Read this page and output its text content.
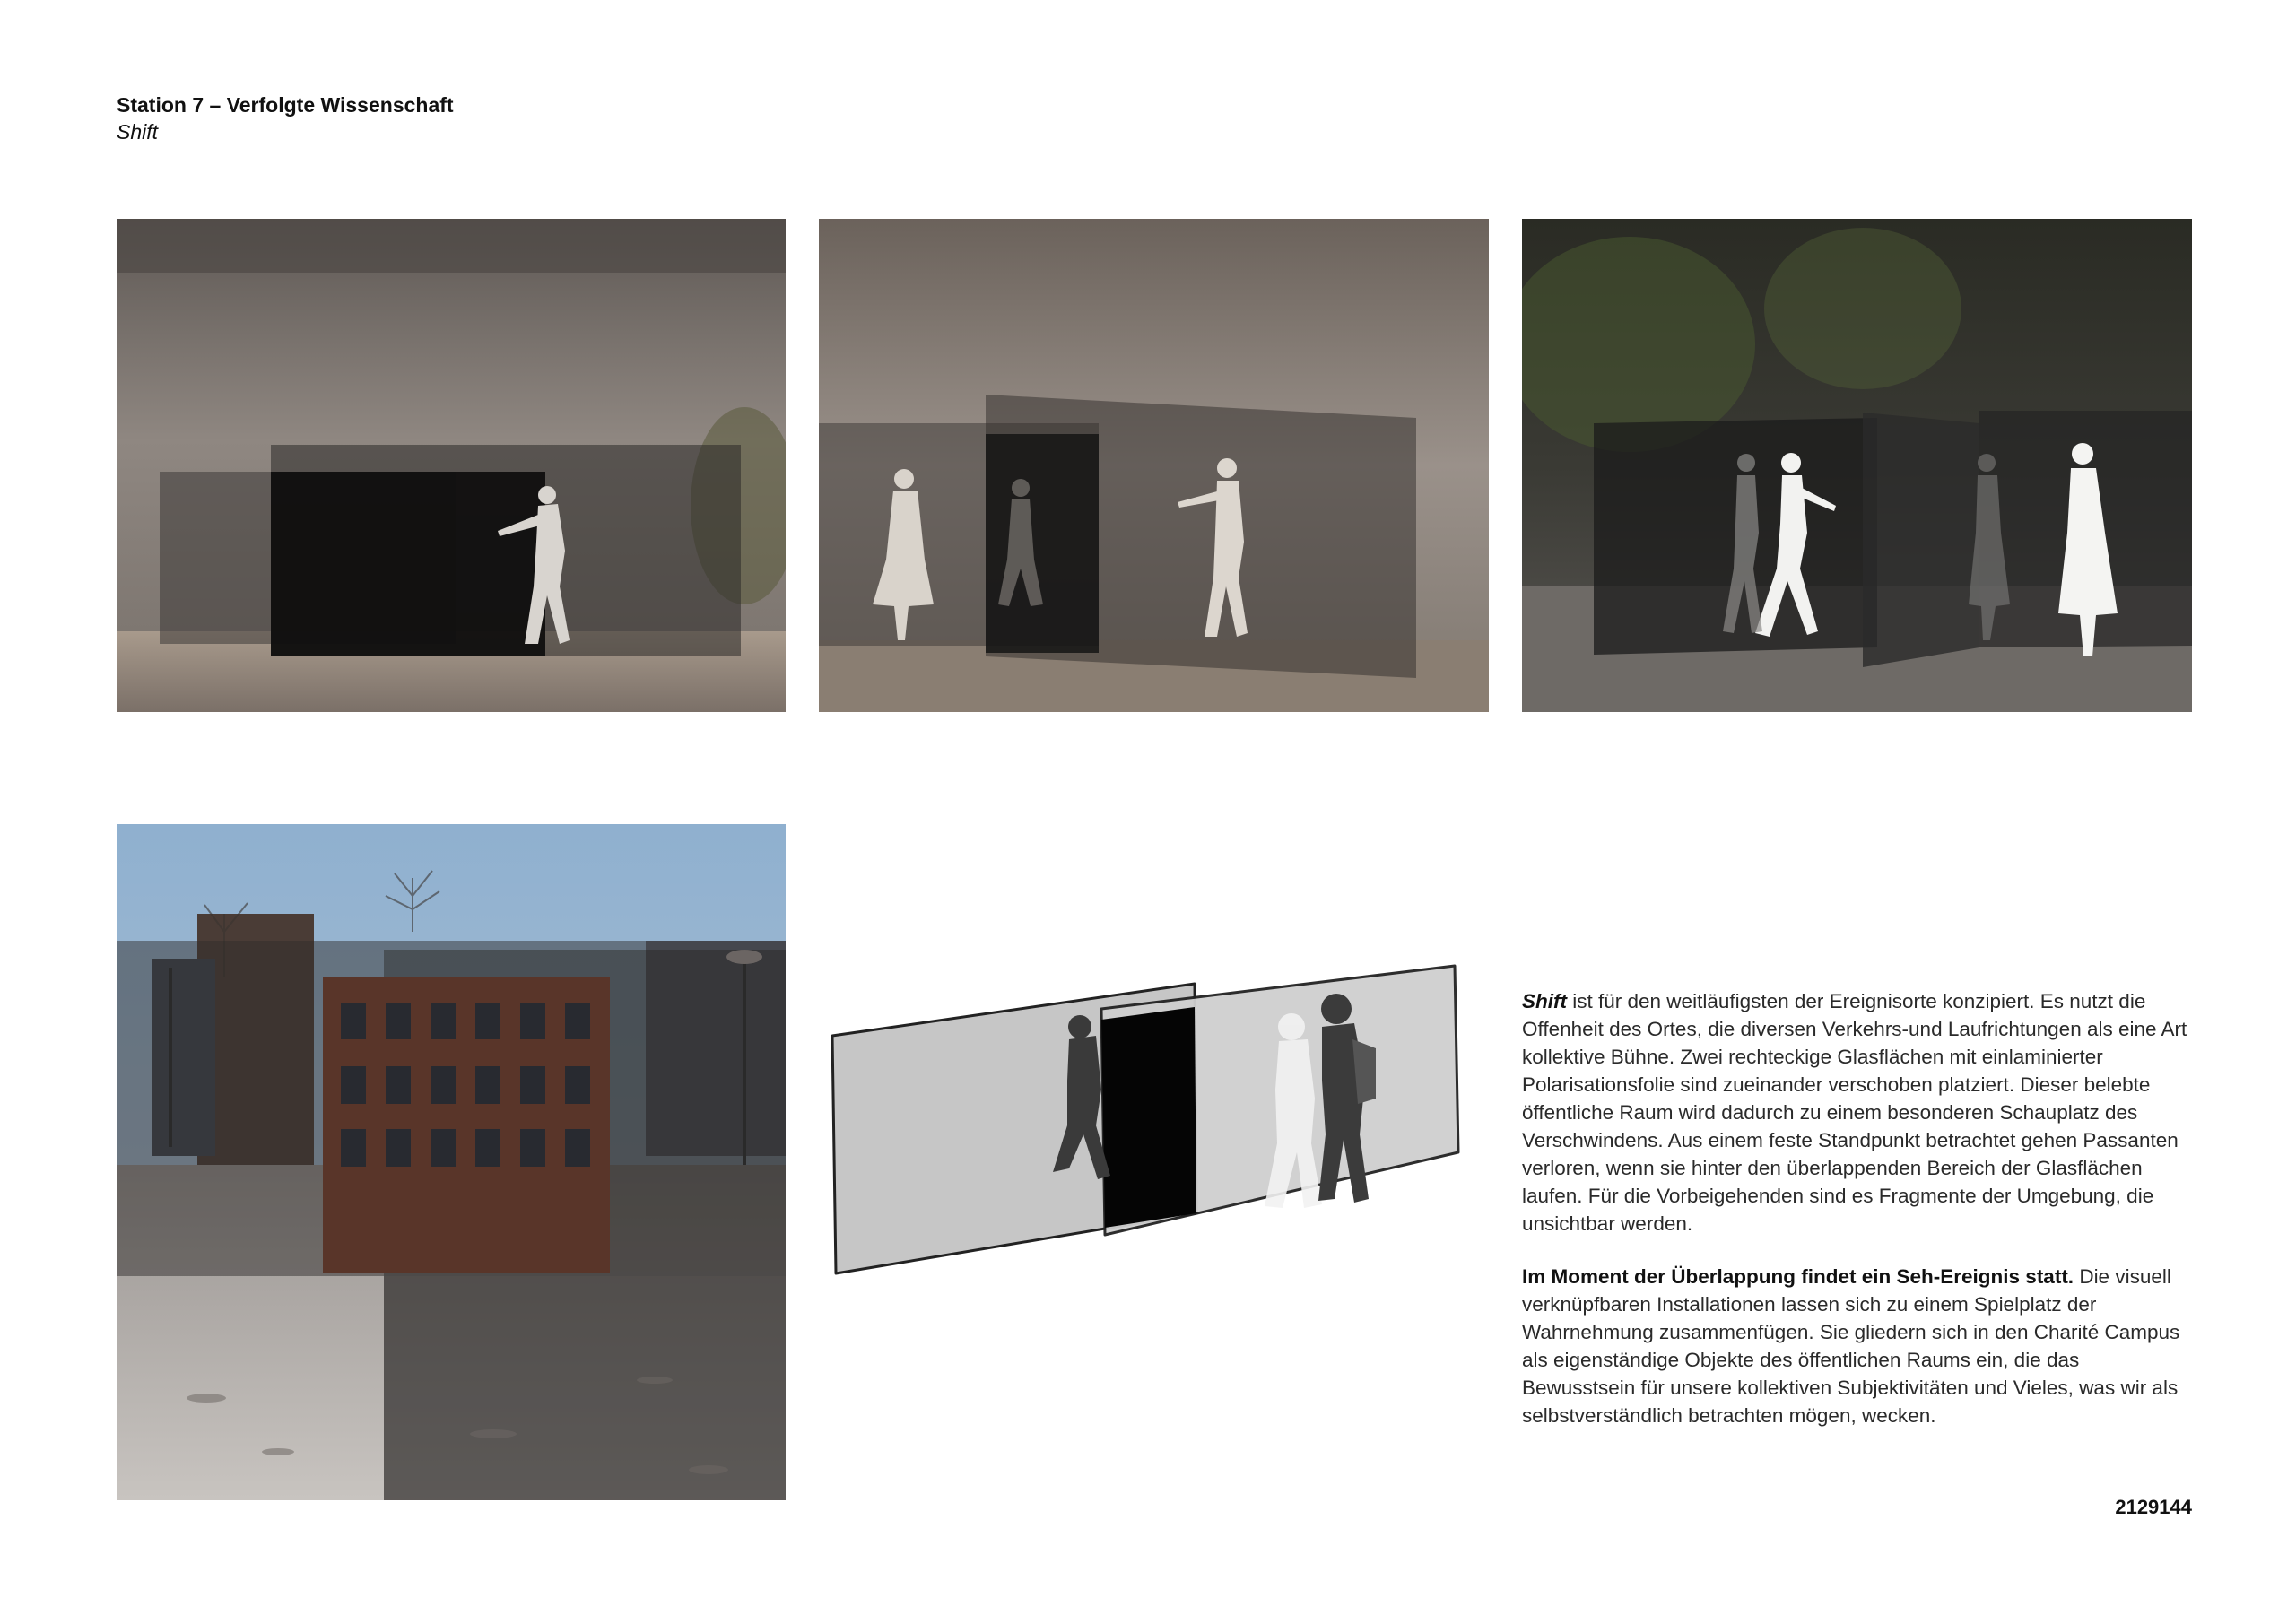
Station 7 – Verfolgte Wissenschaft
Shift

Shift ist für den weitläufigsten der Ereignisorte konzipiert. Es nutzt die Offenheit des Ortes, die diversen Verkehrs-und Laufrichtungen als eine Art kollektive Bühne. Zwei rechteckige Glasflächen mit einlaminierter Polarisationsfolie sind zueinander verschoben platziert. Dieser belebte öffentliche Raum wird dadurch zu einem besonderen Schauplatz des Verschwindens. Aus einem feste Standpunkt betrachtet gehen Passanten verloren, wenn sie hinter den überlappenden Bereich der Glasflächen laufen. Für die Vorbeigehenden sind es Fragmente der Umgebung, die unsichtbar werden.

Im Moment der Überlappung findet ein Seh-Ereignis statt. Die visuell verknüpfbaren Installationen lassen sich zu einem Spielplatz der Wahrnehmung zusammenfügen. Sie gliedern sich in den Charité Campus als eigenständige Objekte des öffentlichen Raums ein, die das Bewusstsein für unsere kollektiven Subjektivitäten und Vieles, was wir als selbstverständlich betrachten mögen, wecken.

2129144
